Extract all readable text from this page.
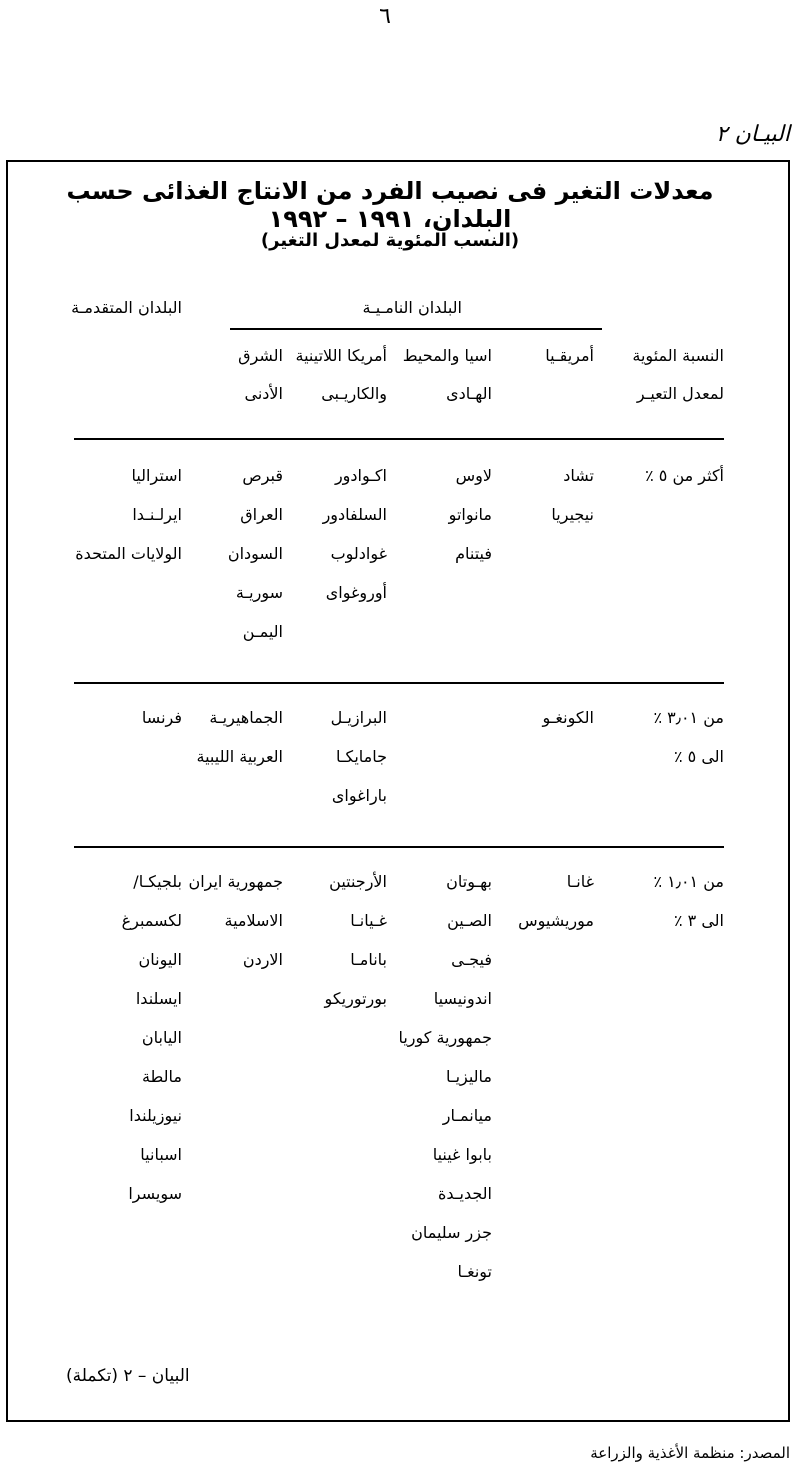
٦
البيـان ٢
معدلات التغير فى نصيب الفرد من الانتاج الغذائى حسب البلدان، ١٩٩١ – ١٩٩٢
(النسب المئوية لمعدل التغير)
البلدان المتقدمـة	البلدان النامـيـة
النسبة المئوية
لمعدل التعيـر
أمريقـيا
اسيا والمحيط
الهـادى
أمريكا اللاتينية
والكاريـبى
الشرق
الأدنى
أكثر من ٥ ٪
تشاد
نيجيريا
لاوس
مانواتو
فيتنام
اكـوادور
السلفادور
غوادلوب
أوروغواى
قبرص
العراق
السودان
سوريـة
اليمـن
استراليا
ايرلـنـدا
الولايات المتحدة
من ٣٫٠١ ٪
الى ٥ ٪
الكونغـو
البرازيـل
جامايكـا
باراغواى
الجماهيريـة
العربية الليبية
فرنسا
من ١٫٠١ ٪
الى ٣ ٪
غانـا
موريشيوس
بهـوتان
الصـين
فيجـى
اندونيسيا
جمهورية كوريا
ماليزيـا
ميانمـار
بابوا غينيا
الجديـدة
جزر سليمان
تونغـا
الأرجنتين
غـيانـا
بانامـا
بورتوريكو
جمهورية ايران
الاسلامية
الاردن
بلجيكـا/
لكسمبرغ
اليونان
ايسلندا
اليابان
مالطة
نيوزيلندا
اسبانيا
سويسرا
البيان – ٢ (تكملة)
المصدر: منظمة الأغذية والزراعة
